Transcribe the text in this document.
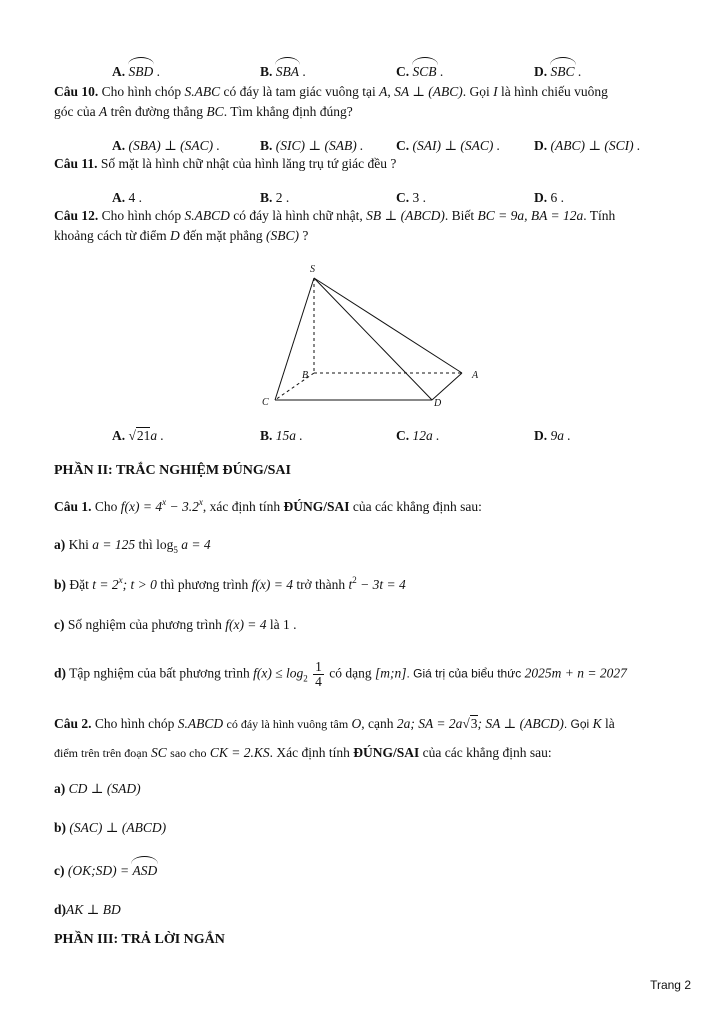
A. SBD .	B. SBA .	C. SCB .	D. SBC .
Câu 10. Cho hình chóp S.ABC có đáy là tam giác vuông tại A, SA ⊥ (ABC). Gọi I là hình chiếu vuông
góc của A trên đường thẳng BC. Tìm khẳng định đúng?
A. (SBA) ⊥ (SAC) .	B. (SIC) ⊥ (SAB) . C. (SAI) ⊥ (SAC) .	D. (ABC) ⊥ (SCI) .
Câu 11. Số mặt là hình chữ nhật của hình lăng trụ tứ giác đều ?
A. 4 .	B. 2 .	C. 3 .	D. 6 .
Câu 12. Cho hình chóp S.ABCD có đáy là hình chữ nhật, SB ⊥ (ABCD). Biết BC = 9a, BA = 12a. Tính
khoảng cách từ điểm D đến mặt phẳng (SBC) ?
S
B	A
C	D
A. √21a .	B. 15a .	C. 12a .	D. 9a .
PHẦN II: TRẮC NGHIỆM ĐÚNG/SAI
Câu 1. Cho $f(x) = 4^x - 3.2^x$, xác định tính ĐÚNG/SAI của các khẳng định sau:
a) Khi a = 125 thì $\log_5 a = 4$
b) Đặt $t = 2^x$; t > 0 thì phương trình f(x) = 4 trở thành $t^2 - 3t = 4$
c) Số nghiệm của phương trình f(x) = 4 là 1 .
d) Tập nghiệm của bất phương trình $f(x) \le \log_2 \frac{1}{4}$ có dạng [m;n]. Giá trị của biểu thức 2025m + n = 2027
Câu 2. Cho hình chóp S.ABCD có đáy là hình vuông tâm O, cạnh 2a; SA = 2a√3; SA ⊥ (ABCD). Gọi K là
điểm trên trên đoạn SC sao cho CK = 2.KS. Xác định tính ĐÚNG/SAI của các khẳng định sau:
a) CD ⊥ (SAD)
b) (SAC) ⊥ (ABCD)
c) (OK;SD) = ASD
d)AK ⊥ BD
PHẦN III: TRẢ LỜI NGẮN
Trang 2
